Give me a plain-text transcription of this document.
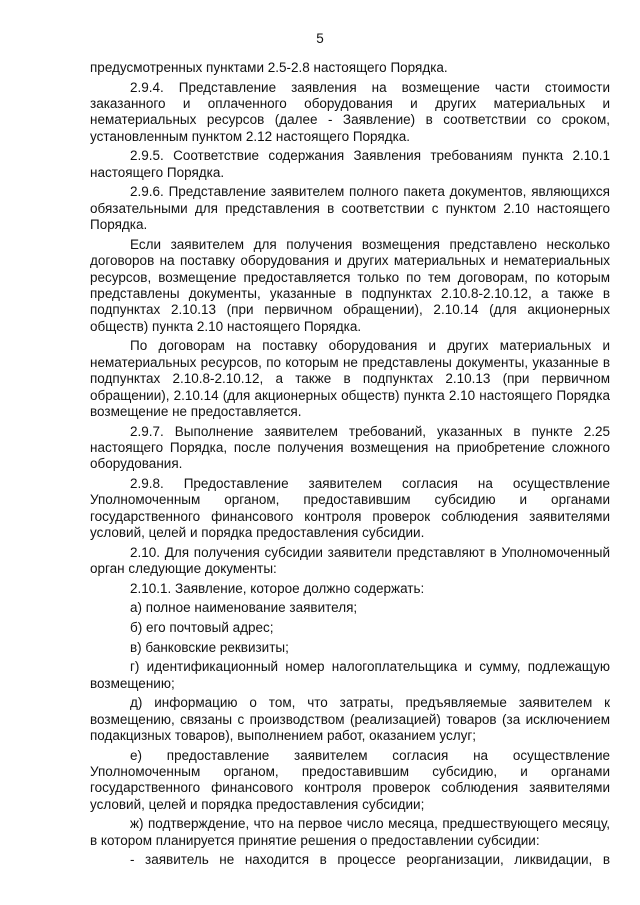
5

предусмотренных пунктами 2.5-2.8 настоящего Порядка.

2.9.4. Представление заявления на возмещение части стоимости заказанного и оплаченного оборудования и других материальных и нематериальных ресурсов (далее - Заявление) в соответствии со сроком, установленным пунктом 2.12 настоящего Порядка.

2.9.5. Соответствие содержания Заявления требованиям пункта 2.10.1 настоящего Порядка.

2.9.6. Представление заявителем полного пакета документов, являющихся обязательными для представления в соответствии с пунктом 2.10 настоящего Порядка.

Если заявителем для получения возмещения представлено несколько договоров на поставку оборудования и других материальных и нематериальных ресурсов, возмещение предоставляется только по тем договорам, по которым представлены документы, указанные в подпунктах 2.10.8-2.10.12, а также в подпунктах 2.10.13 (при первичном обращении), 2.10.14 (для акционерных обществ) пункта 2.10 настоящего Порядка.

По договорам на поставку оборудования и других материальных и нематериальных ресурсов, по которым не представлены документы, указанные в подпунктах 2.10.8-2.10.12, а также в подпунктах 2.10.13 (при первичном обращении), 2.10.14 (для акционерных обществ) пункта 2.10 настоящего Порядка возмещение не предоставляется.

2.9.7. Выполнение заявителем требований, указанных в пункте 2.25 настоящего Порядка, после получения возмещения на приобретение сложного оборудования.

2.9.8. Предоставление заявителем согласия на осуществление Уполномоченным органом, предоставившим субсидию и органами государственного финансового контроля проверок соблюдения заявителями условий, целей и порядка предоставления субсидии.

2.10. Для получения субсидии заявители представляют в Уполномоченный орган следующие документы:

2.10.1. Заявление, которое должно содержать:

а) полное наименование заявителя;

б) его почтовый адрес;

в) банковские реквизиты;

г) идентификационный номер налогоплательщика и сумму, подлежащую возмещению;

д) информацию о том, что затраты, предъявляемые заявителем к возмещению, связаны с производством (реализацией) товаров (за исключением подакцизных товаров), выполнением работ, оказанием услуг;

е) предоставление заявителем согласия на осуществление Уполномоченным органом, предоставившим субсидию, и органами государственного финансового контроля проверок соблюдения заявителями условий, целей и порядка предоставления субсидии;

ж) подтверждение, что на первое число месяца, предшествующего месяцу, в котором планируется принятие решения о предоставлении субсидии:

- заявитель не находится в процессе реорганизации, ликвидации, в
